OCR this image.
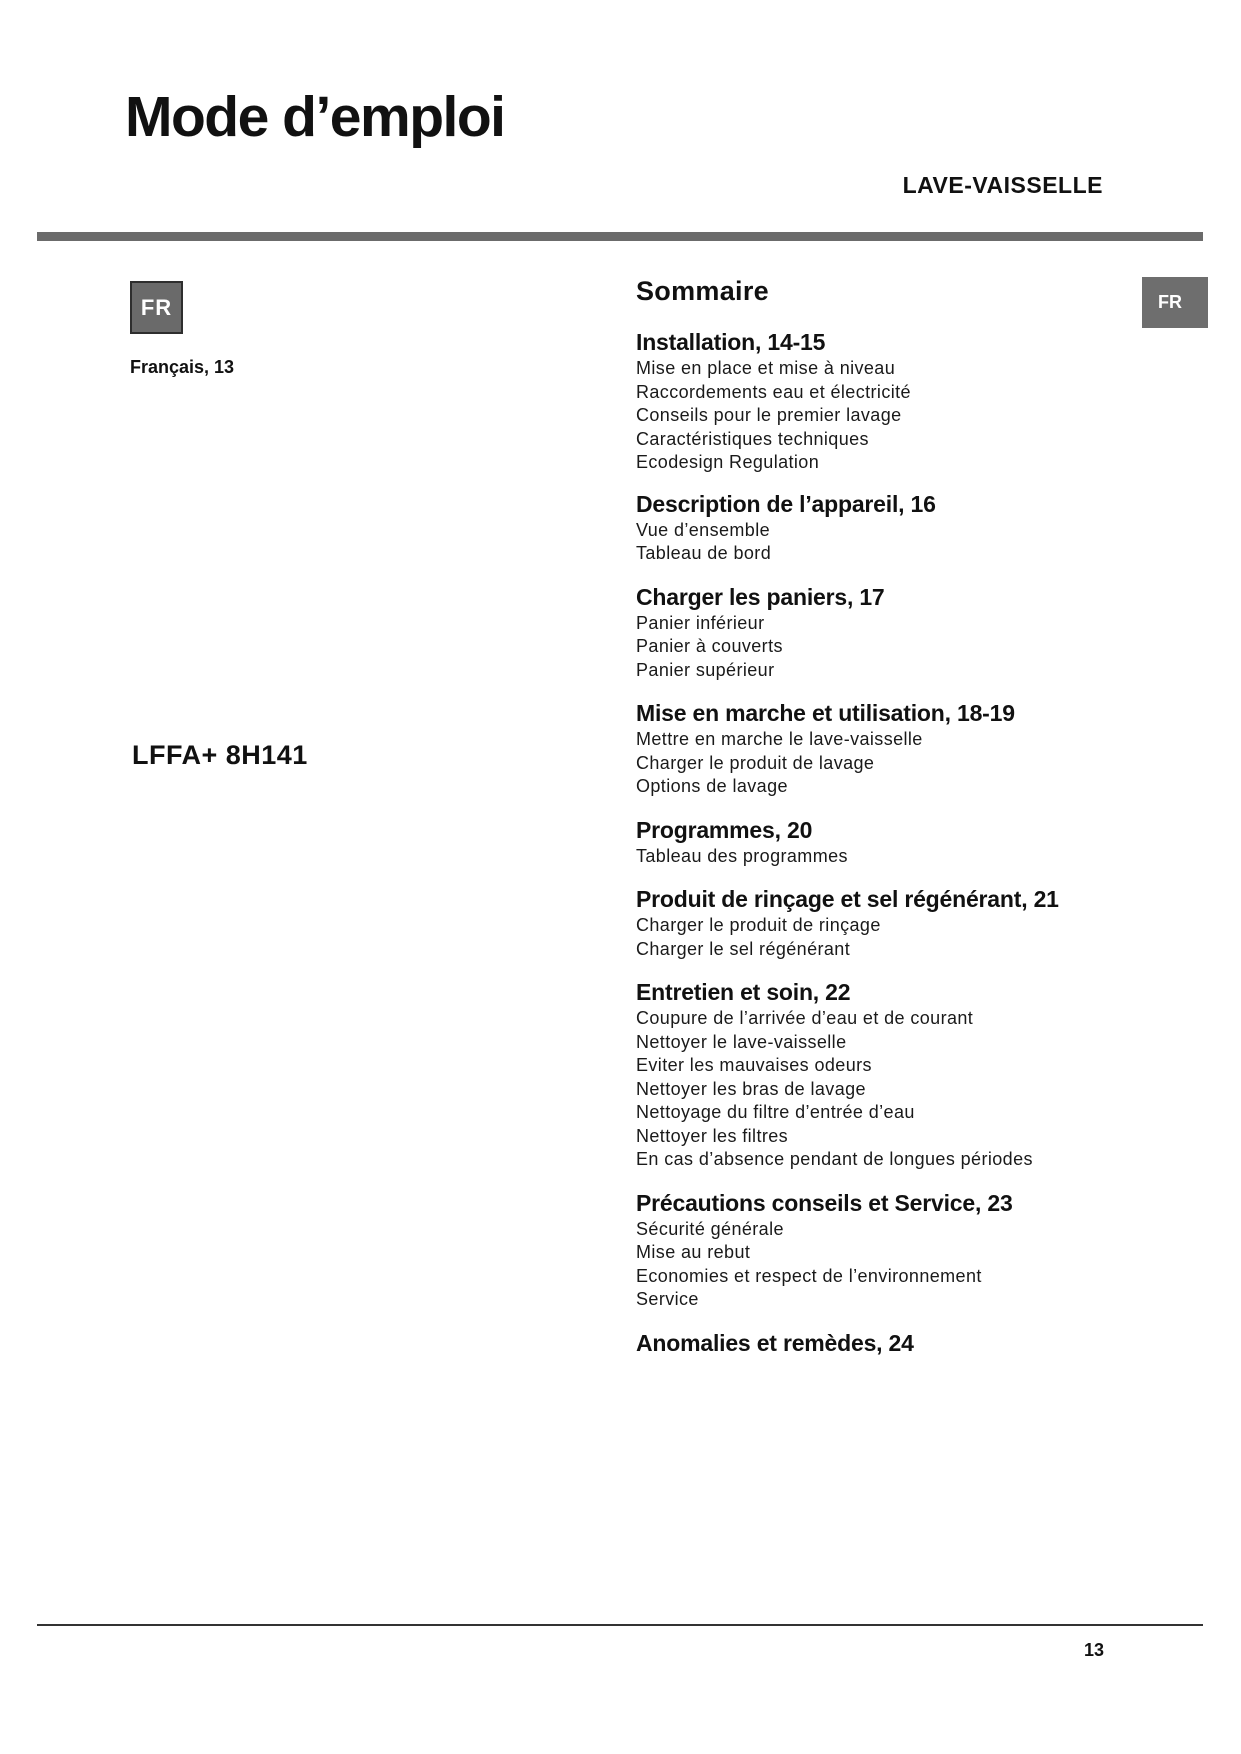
Mode d’emploi
LAVE-VAISSELLE
FR
Français, 13
LFFA+ 8H141
FR
Sommaire
Installation, 14-15
Mise en place et mise à niveau
Raccordements eau et électricité
Conseils pour le premier lavage
Caractéristiques techniques
Ecodesign Regulation
Description de l’appareil, 16
Vue d’ensemble
Tableau de bord
Charger les paniers, 17
Panier inférieur
Panier à couverts
Panier supérieur
Mise en marche et utilisation, 18-19
Mettre en marche le lave-vaisselle
Charger le produit de lavage
Options de lavage
Programmes, 20
Tableau des programmes
Produit de rinçage et sel régénérant, 21
Charger le produit de rinçage
Charger le sel régénérant
Entretien et soin, 22
Coupure de l’arrivée d’eau et de courant
Nettoyer le lave-vaisselle
Eviter les mauvaises odeurs
Nettoyer les bras de lavage
Nettoyage du filtre d’entrée d’eau
Nettoyer les filtres
En cas d’absence pendant de longues périodes
Précautions conseils et Service, 23
Sécurité générale
Mise au rebut
Economies et respect de l’environnement
Service
Anomalies et remèdes, 24
13
